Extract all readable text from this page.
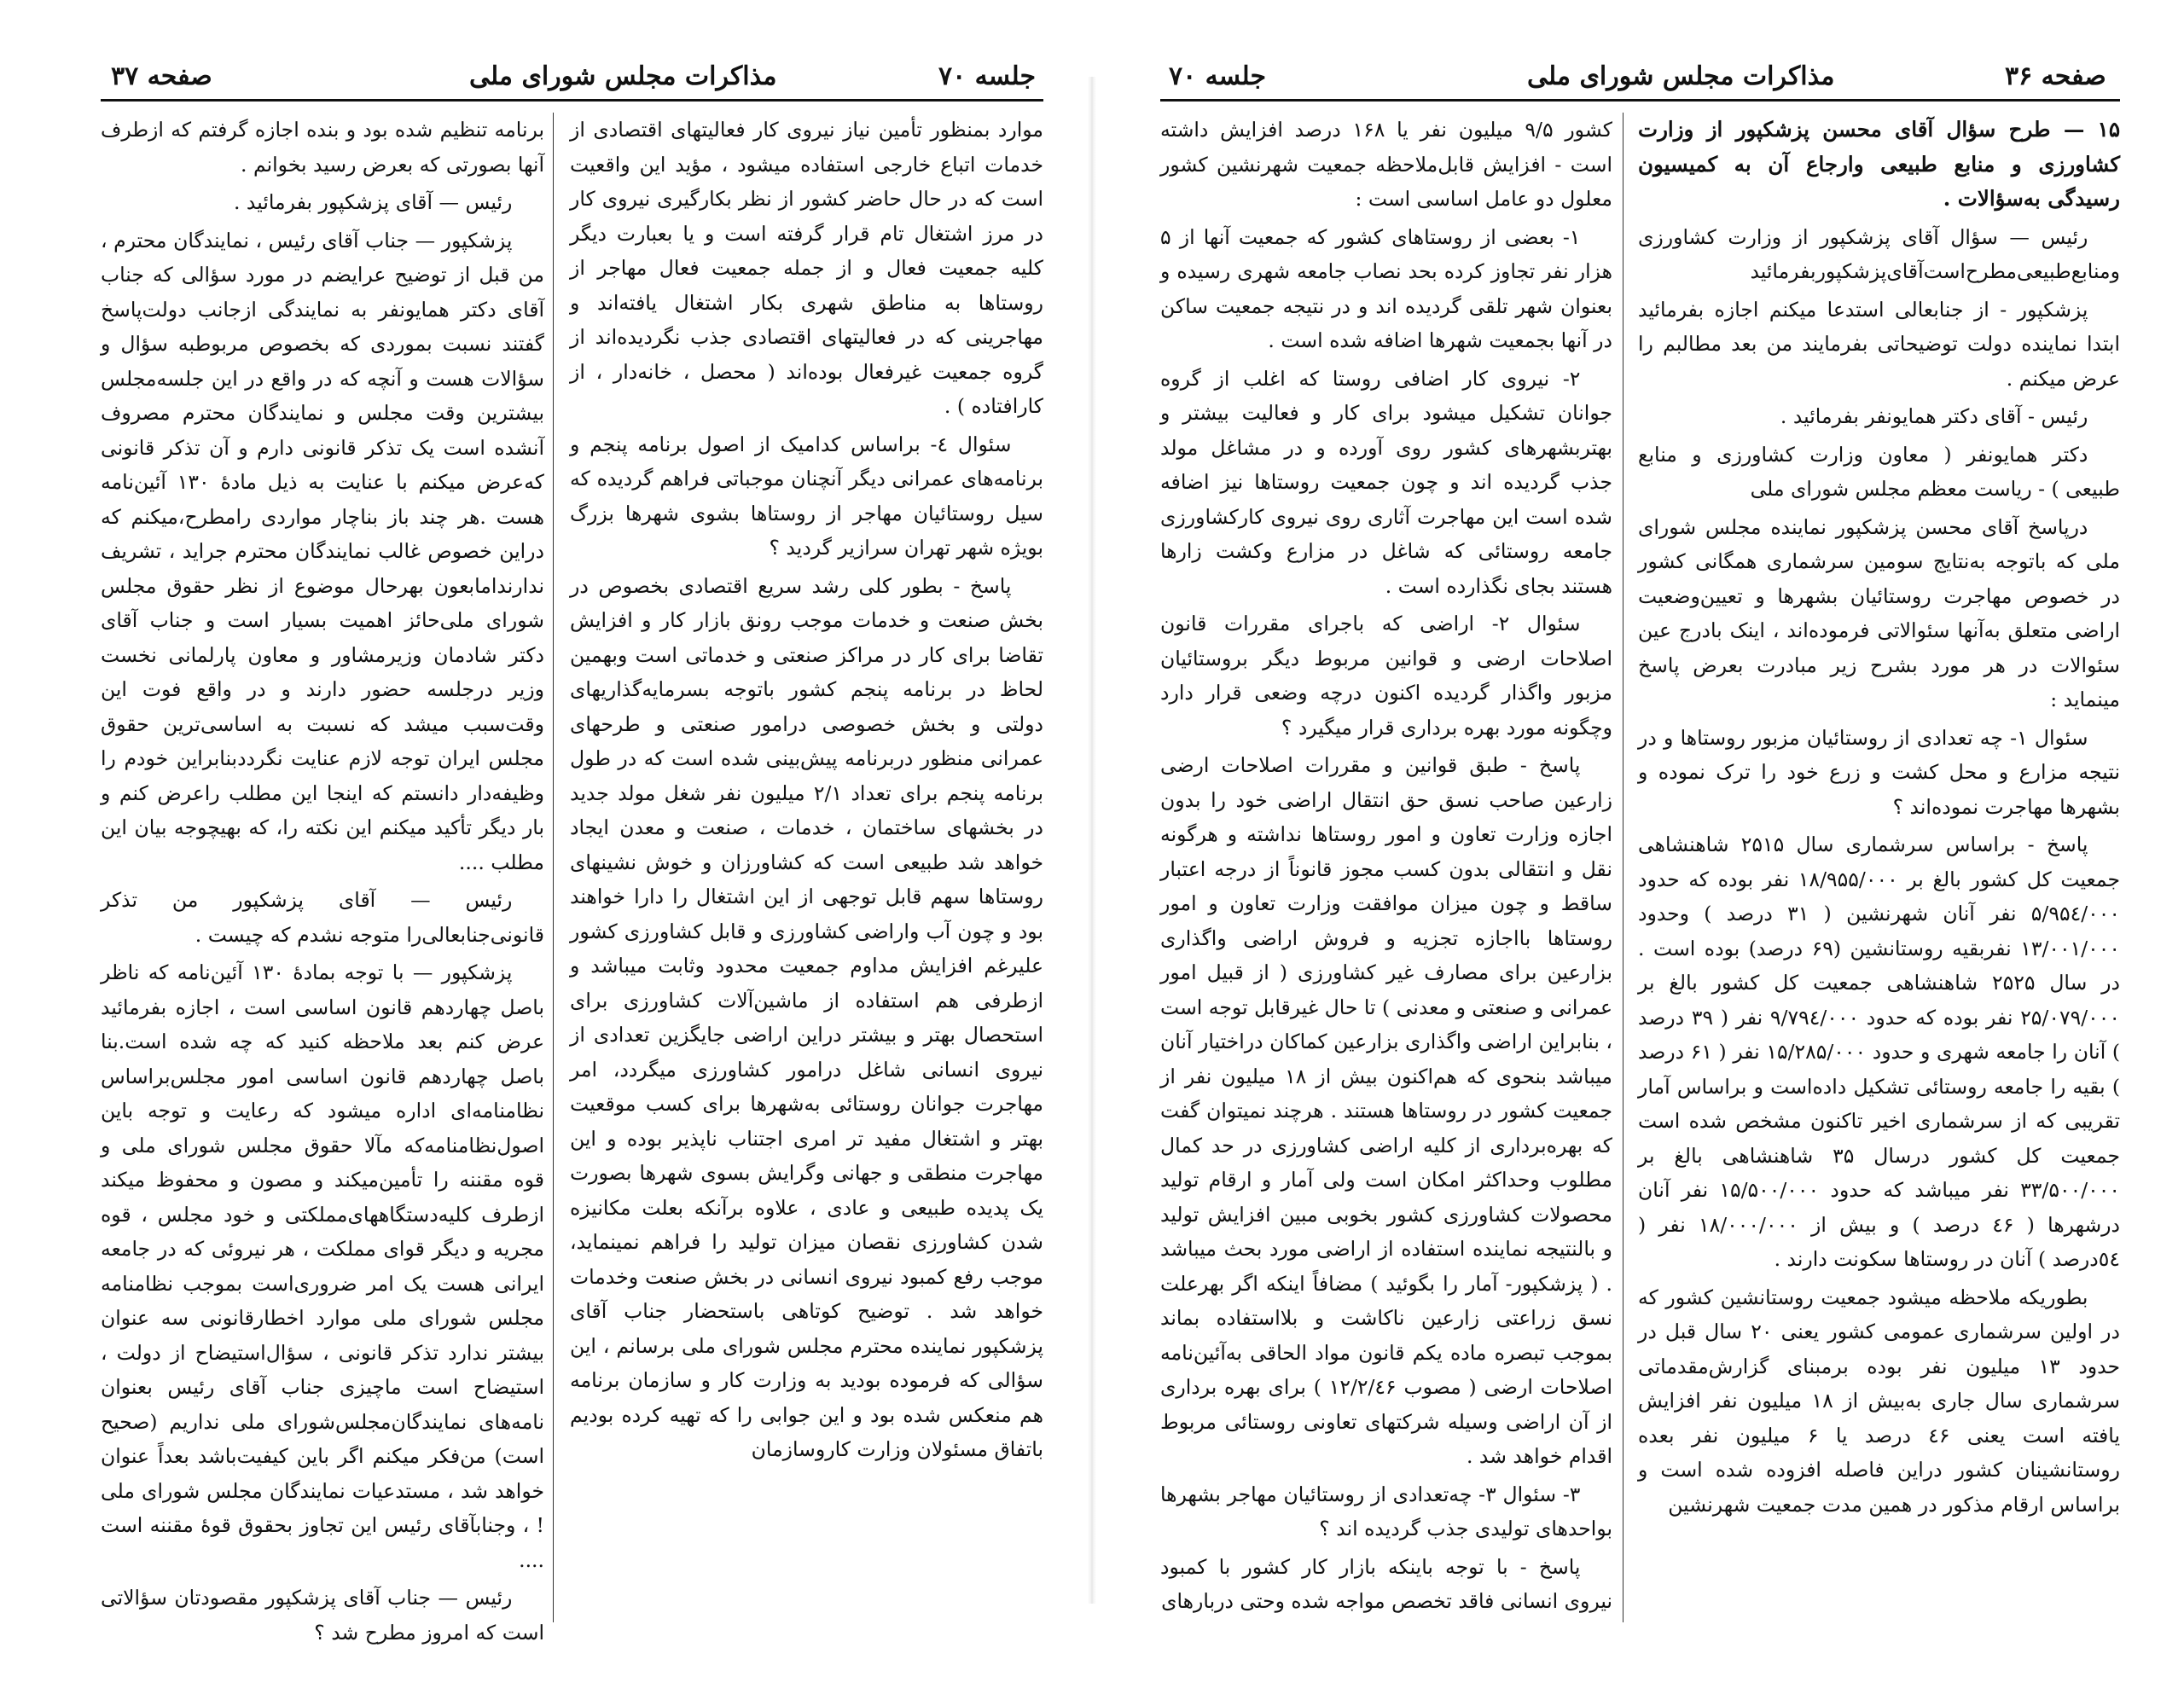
صفحه ۳۷	مذاکرات مجلس شورای ملی	جلسه ۷۰

موارد بمنظور تأمین نیاز نیروی کار فعالیتهای اقتصادی از خدمات اتباع خارجی استفاده میشود ، مؤید این واقعیت است که در حال حاضر کشور از نظر بکارگیری نیروی کار در مرز اشتغال تام قرار گرفته است و یا بعبارت دیگر کلیه جمعیت فعال و از جمله جمعیت فعال مهاجر از روستاها به مناطق شهری بکار اشتغال یافته‌اند و مهاجرینی که در فعالیتهای اقتصادی جذب نگردیده‌اند از گروه جمعیت غیرفعال بوده‌اند ( محصل ، خانه‌دار ، از کارافتاده ) .

سئوال ٤- براساس کدامیک از اصول برنامه پنجم و برنامه‌های عمرانی دیگر آنچنان موجباتی فراهم گردیده که سیل روستائیان مهاجر از روستاها بشوی شهرها بزرگ بویژه شهر تهران سرازیر گردید ؟

پاسخ - بطور کلی رشد سریع اقتصادی بخصوص در بخش صنعت و خدمات موجب رونق بازار کار و افزایش تقاضا برای کار در مراکز صنعتی و خدماتی است وبهمین لحاظ در برنامه پنجم کشور باتوجه بسرمایه‌گذاریهای دولتی و بخش خصوصی درامور صنعتی و طرحهای عمرانی منظور دربرنامه پیش‌بینی شده است که در طول برنامه پنجم برای تعداد ۲/۱ میلیون نفر شغل مولد جدید در بخشهای ساختمان ، خدمات ، صنعت و معدن ایجاد خواهد شد طبیعی است که کشاورزان و خوش نشینهای روستاها سهم قابل توجهی از این اشتغال را دارا خواهند بود و چون آب واراضی کشاورزی و قابل کشاورزی کشور علیرغم افزایش مداوم جمعیت محدود وثابت میباشد و ازطرفی هم استفاده از ماشین‌آلات کشاورزی برای استحصال بهتر و بیشتر دراین اراضی جایگزین تعدادی از نیروی انسانی شاغل درامور کشاورزی میگردد، امر مهاجرت جوانان روستائی به‌شهرها برای کسب موقعیت بهتر و اشتغال مفید تر امری اجتناب ناپذیر بوده و این مهاجرت منطقی و جهانی وگرایش بسوی شهرها بصورت یک پدیده طبیعی و عادی ، علاوه برآنکه بعلت مکانیزه شدن کشاورزی نقصان میزان تولید را فراهم نمینماید، موجب رفع کمبود نیروی انسانی در بخش صنعت وخدمات خواهد شد . توضیح کوتاهی باستحضار جناب آقای پزشکپور نماینده محترم مجلس شورای ملی برسانم ، این سؤالی که فرموده بودید به وزارت کار و سازمان برنامه هم منعکس شده بود و این جوابی را که تهیه کرده بودیم باتفاق مسئولان وزارت کاروسازمان

برنامه تنظیم شده بود و بنده اجازه گرفتم که ازطرف آنها بصورتی که بعرض رسید بخوانم .

رئیس — آقای پزشکپور بفرمائید .

پزشکپور — جناب آقای رئیس ، نمایندگان محترم ، من قبل از توضیح عرایضم در مورد سؤالی که جناب آقای دکتر همایونفر به نمایندگی ازجانب دولت‌پاسخ گفتند نسبت بموردی که بخصوص مربوطبه سؤال و سؤالات هست و آنچه که در واقع در این جلسه‌مجلس بیشترین وقت مجلس و نمایندگان محترم مصروف آنشده است یک تذکر قانونی دارم و آن تذکر قانونی که‌عرض میکنم با عنایت به ذیل مادهٔ ۱۳۰ آئین‌نامه هست .هر چند باز بناچار مواردی رامطرح،میکنم که دراین خصوص غالب نمایندگان محترم جراید ، تشریف ندارندامابعون بهرحال موضوع از نظر حقوق مجلس شورای ملی‌حائز اهمیت بسیار است و جناب آقای دکتر شادمان وزیرمشاور و معاون پارلمانی نخست وزیر درجلسه حضور دارند و در واقع فوت این وقت‌سبب میشد که نسبت به اساسی‌ترین حقوق مجلس ایران توجه لازم عنایت نگرددبنابراین خودم را وظیفه‌دار دانستم که اینجا این مطلب راعرض کنم و بار دیگر تأکید میکنم این نکته را، که بهیچوجه بیان این مطلب ....

رئیس — آقای پزشکپور من تذکر قانونی‌جنابعالی‌را متوجه نشدم که چیست .

پزشکپور — با توجه بمادهٔ ۱۳۰ آئین‌نامه که ناظر باصل چهاردهم قانون اساسی است ، اجازه بفرمائید عرض کنم بعد ملاحظه کنید که چه شده است.بنا باصل چهاردهم قانون اساسی امور مجلس‌براساس نظامنامه‌ای اداره میشود که رعایت و توجه باین اصول‌نظامنامه‌که مآلا حقوق مجلس شورای ملی و قوه مقننه را تأمین‌میکند و مصون و محفوظ میکند ازطرف کلیه‌دستگاههای‌مملکتی و خود مجلس ، قوه مجریه و دیگر قوای مملکت ، هر نیروئی که در جامعه ایرانی هست یک امر ضروری‌است بموجب نظامنامه مجلس شورای ملی موارد اخطارقانونی سه عنوان بیشتر ندارد تذکر قانونی ، سؤال‌استیضاح از دولت ، استیضاح است ماچیزی جناب آقای رئیس بعنوان نامه‌های نمایندگان‌مجلس‌شورای ملی نداریم (صحیح است) من‌فکر میکنم اگر باین کیفیت‌باشد بعداً عنوان خواهد شد ، مستدعیات نمایندگان مجلس شورای ملی ! ، وجنابآقای رئیس این تجاوز بحقوق قوهٔ مقننه است ....

رئیس — جناب آقای پزشکپور مقصودتان سؤالاتی است که امروز مطرح شد ؟

جلسه ۷۰	مذاکرات مجلس شورای ملی	صفحه ۳۶

۱۵ — طرح سؤال آقای محسن پزشکپور از وزارت کشاورزی و منابع طبیعی وارجاع آن به کمیسیون رسیدگی به‌سؤالات .

رئیس — سؤال آقای پزشکپور از وزارت کشاورزی ومنابع‌طبیعی‌مطرح‌است‌آقای‌پزشکپوربفرمائید

پزشکپور - از جنابعالی استدعا میکنم اجازه بفرمائید ابتدا نماینده دولت توضیحاتی بفرمایند من بعد مطالبم را عرض میکنم .

رئیس - آقای دکتر همایونفر بفرمائید .

دکتر همایونفر ( معاون وزارت کشاورزی و منابع طبیعی ) - ریاست معظم مجلس شورای ملی

درپاسخ آقای محسن پزشکپور نماینده مجلس شورای ملی که باتوجه به‌نتایج سومین سرشماری همگانی کشور در خصوص مهاجرت روستائیان بشهرها و تعیین‌وضعیت اراضی متعلق به‌آنها سئوالاتی فرموده‌اند ، اینک بادرج عین سئوالات در هر مورد بشرح زیر مبادرت بعرض پاسخ مینماید :

سئوال ۱- چه تعدادی از روستائیان مزبور روستاها و در نتیجه مزارع و محل کشت و زرع خود را ترک نموده و بشهرها مهاجرت نموده‌اند ؟

پاسخ - براساس سرشماری سال ۲۵۱۵ شاهنشاهی جمعیت کل کشور بالغ بر ۱۸/۹۵۵/۰۰۰ نفر بوده که حدود ۵/۹۵٤/۰۰۰ نفر آنان شهرنشین ( ۳۱ درصد ) وحدود ۱۳/۰۰۱/۰۰۰ نفربقیه روستانشین (۶۹ درصد) بوده است . در سال ۲۵۲۵ شاهنشاهی جمعیت کل کشور بالغ بر ۲۵/۰۷۹/۰۰۰ نفر بوده که حدود ۹/۷۹٤/۰۰۰ نفر ( ۳۹ درصد ) آنان را جامعه شهری و حدود ۱۵/۲۸۵/۰۰۰ نفر ( ۶۱ درصد ) بقیه را جامعه روستائی تشکیل داده‌است و براساس آمار تقریبی که از سرشماری اخیر تاکنون مشخص شده است جمعیت کل کشور درسال ۳۵ شاهنشاهی بالغ بر ۳۳/۵۰۰/۰۰۰ نفر میباشد که حدود ۱۵/۵۰۰/۰۰۰ نفر آنان درشهرها ( ٤۶ درصد ) و بیش از ۱۸/۰۰۰/۰۰۰ نفر ( ٥٤درصد ) آنان در روستاها سکونت دارند .

بطوریکه ملاحظه میشود جمعیت روستانشین کشور که در اولین سرشماری عمومی کشور یعنی ۲۰ سال قبل در حدود ۱۳ میلیون نفر بوده برمبنای گزارش‌مقدماتی سرشماری سال جاری به‌بیش از ۱۸ میلیون نفر افزایش یافته است یعنی ٤۶ درصد یا ۶ میلیون نفر بعده روستانشینان کشور دراین فاصله افزوده شده است و براساس ارقام مذکور در همین مدت جمعیت شهرنشین

کشور ۹/۵ میلیون نفر یا ۱۶۸ درصد افزایش داشته است - افزایش قابل‌ملاحظه جمعیت شهرنشین کشور معلول دو عامل اساسی است :

۱- بعضی از روستاهای کشور که جمعیت آنها از ۵ هزار نفر تجاوز کرده بحد نصاب جامعه شهری رسیده و بعنوان شهر تلقی گردیده اند و در نتیجه جمعیت ساکن در آنها بجمعیت شهرها اضافه شده است .

۲- نیروی کار اضافی روستا که اغلب از گروه جوانان تشکیل میشود برای کار و فعالیت بیشتر و بهتربشهرهای کشور روی آورده و در مشاغل مولد جذب گردیده اند و چون جمعیت روستاها نیز اضافه شده است این مهاجرت آثاری روی نیروی کارکشاورزی جامعه روستائی که شاغل در مزارع وکشت زارها هستند بجای نگذارده است .

سئوال ۲- اراضی که باجرای مقررات قانون اصلاحات ارضی و قوانین مربوط دیگر بروستائیان مزبور واگذار گردیده اکنون درچه وضعی قرار دارد وچگونه مورد بهره برداری قرار میگیرد ؟

پاسخ - طبق قوانین و مقررات اصلاحات ارضی زارعین صاحب نسق حق انتقال اراضی خود را بدون اجازه وزارت تعاون و امور روستاها نداشته و هرگونه نقل و انتقالی بدون کسب مجوز قانوناً از درجه اعتبار ساقط و چون میزان موافقت وزارت تعاون و امور روستاها بااجازه تجزیه و فروش اراضی واگذاری بزارعین برای مصارف غیر کشاورزی ( از قبیل امور عمرانی و صنعتی و معدنی ) تا حال غیرقابل توجه است ، بنابراین اراضی واگذاری بزارعین کماکان دراختیار آنان میباشد بنحوی که هم‌اکنون بیش از ۱۸ میلیون نفر از جمعیت کشور در روستاها هستند . هرچند نمیتوان گفت که بهره‌برداری از کلیه اراضی کشاورزی در حد کمال مطلوب وحداکثر امکان است ولی آمار و ارقام تولید محصولات کشاورزی کشور بخوبی مبین افزایش تولید و بالنتیجه نماینده استفاده از اراضی مورد بحث میباشد . ( پزشکپور- آمار را بگوئید ) مضافاً اینکه اگر بهرعلت نسق زراعتی زارعین ناکاشت و بلااستفاده بماند بموجب تبصره ماده یکم قانون مواد الحاقی به‌آئین‌نامه اصلاحات ارضی ( مصوب ۱۲/۲/٤۶ ) برای بهره برداری از آن اراضی وسیله شرکتهای تعاونی روستائی مربوط اقدام خواهد شد .

۳- سئوال ۳- چه‌تعدادی از روستائیان مهاجر بشهرها بواحدهای تولیدی جذب گردیده اند ؟

پاسخ - با توجه باینکه بازار کار کشور با کمبود نیروی انسانی فاقد تخصص مواجه شده وحتی دربارهای
